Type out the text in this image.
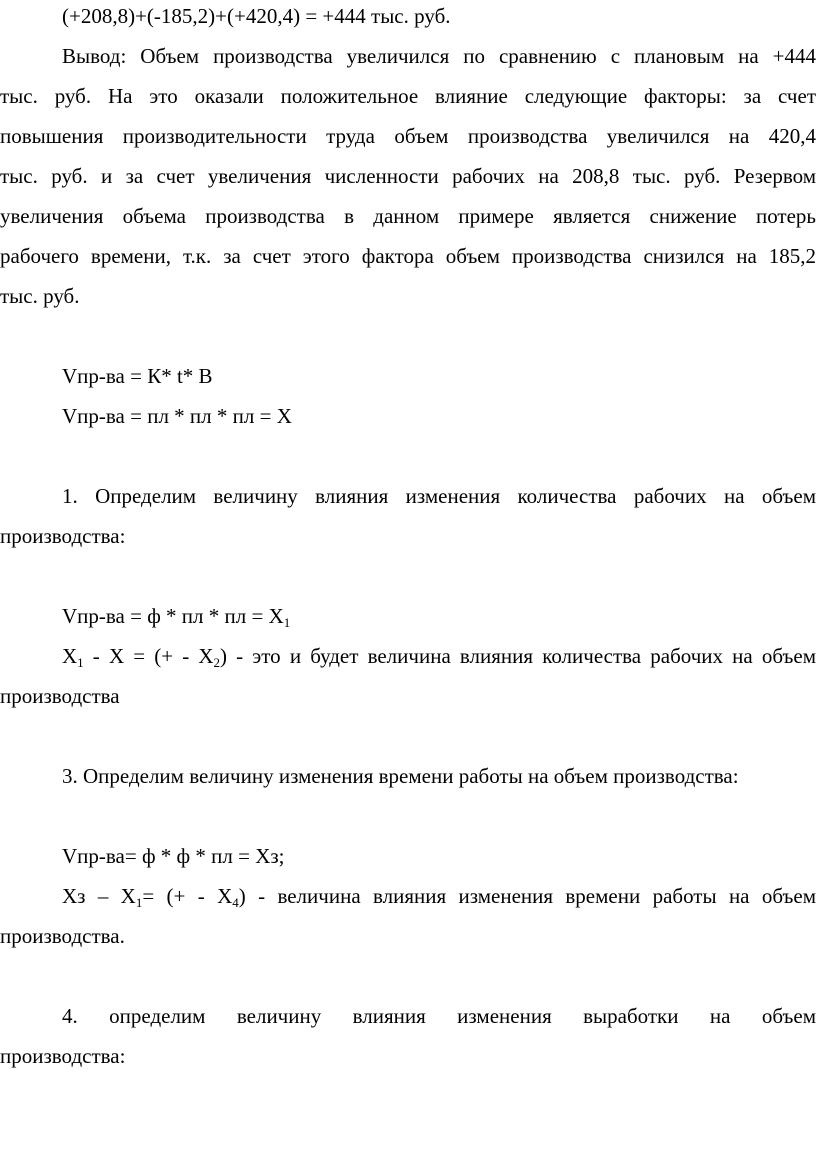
(+208,8)+(-185,2)+(+420,4) = +444 тыс. руб.
Вывод: Объем производства увеличился по сравнению с плановым на +444
тыс. руб. На это оказали положительное влияние следующие факторы: за счет
повышения производительности труда объем производства увеличился на 420,4
тыс. руб. и за счет увеличения численности рабочих на 208,8 тыс. руб. Резервом
увеличения объема производства в данном примере является снижение потерь
рабочего времени, т.к. за счет этого фактора объем производства снизился на 185,2
тыс. руб.
Vпр-ва = К* t* В
Vпр-ва = пл * пл * пл = Х
1. Определим величину влияния изменения количества рабочих на объем
производства:
Vпр-ва = ф * пл * пл = $Х_1$
$Х_1$ - Х = (+ - $Х_2$) - это и будет величина влияния количества рабочих на объем
производства
3. Определим величину изменения времени работы на объем производства:
Vпр-ва= ф * ф * пл = Хз;
Хз – $Х_1=$ (+ - $Х_4$) - величина влияния изменения времени работы на объем
производства.
4. определим величину влияния изменения выработки на объем
производства:
